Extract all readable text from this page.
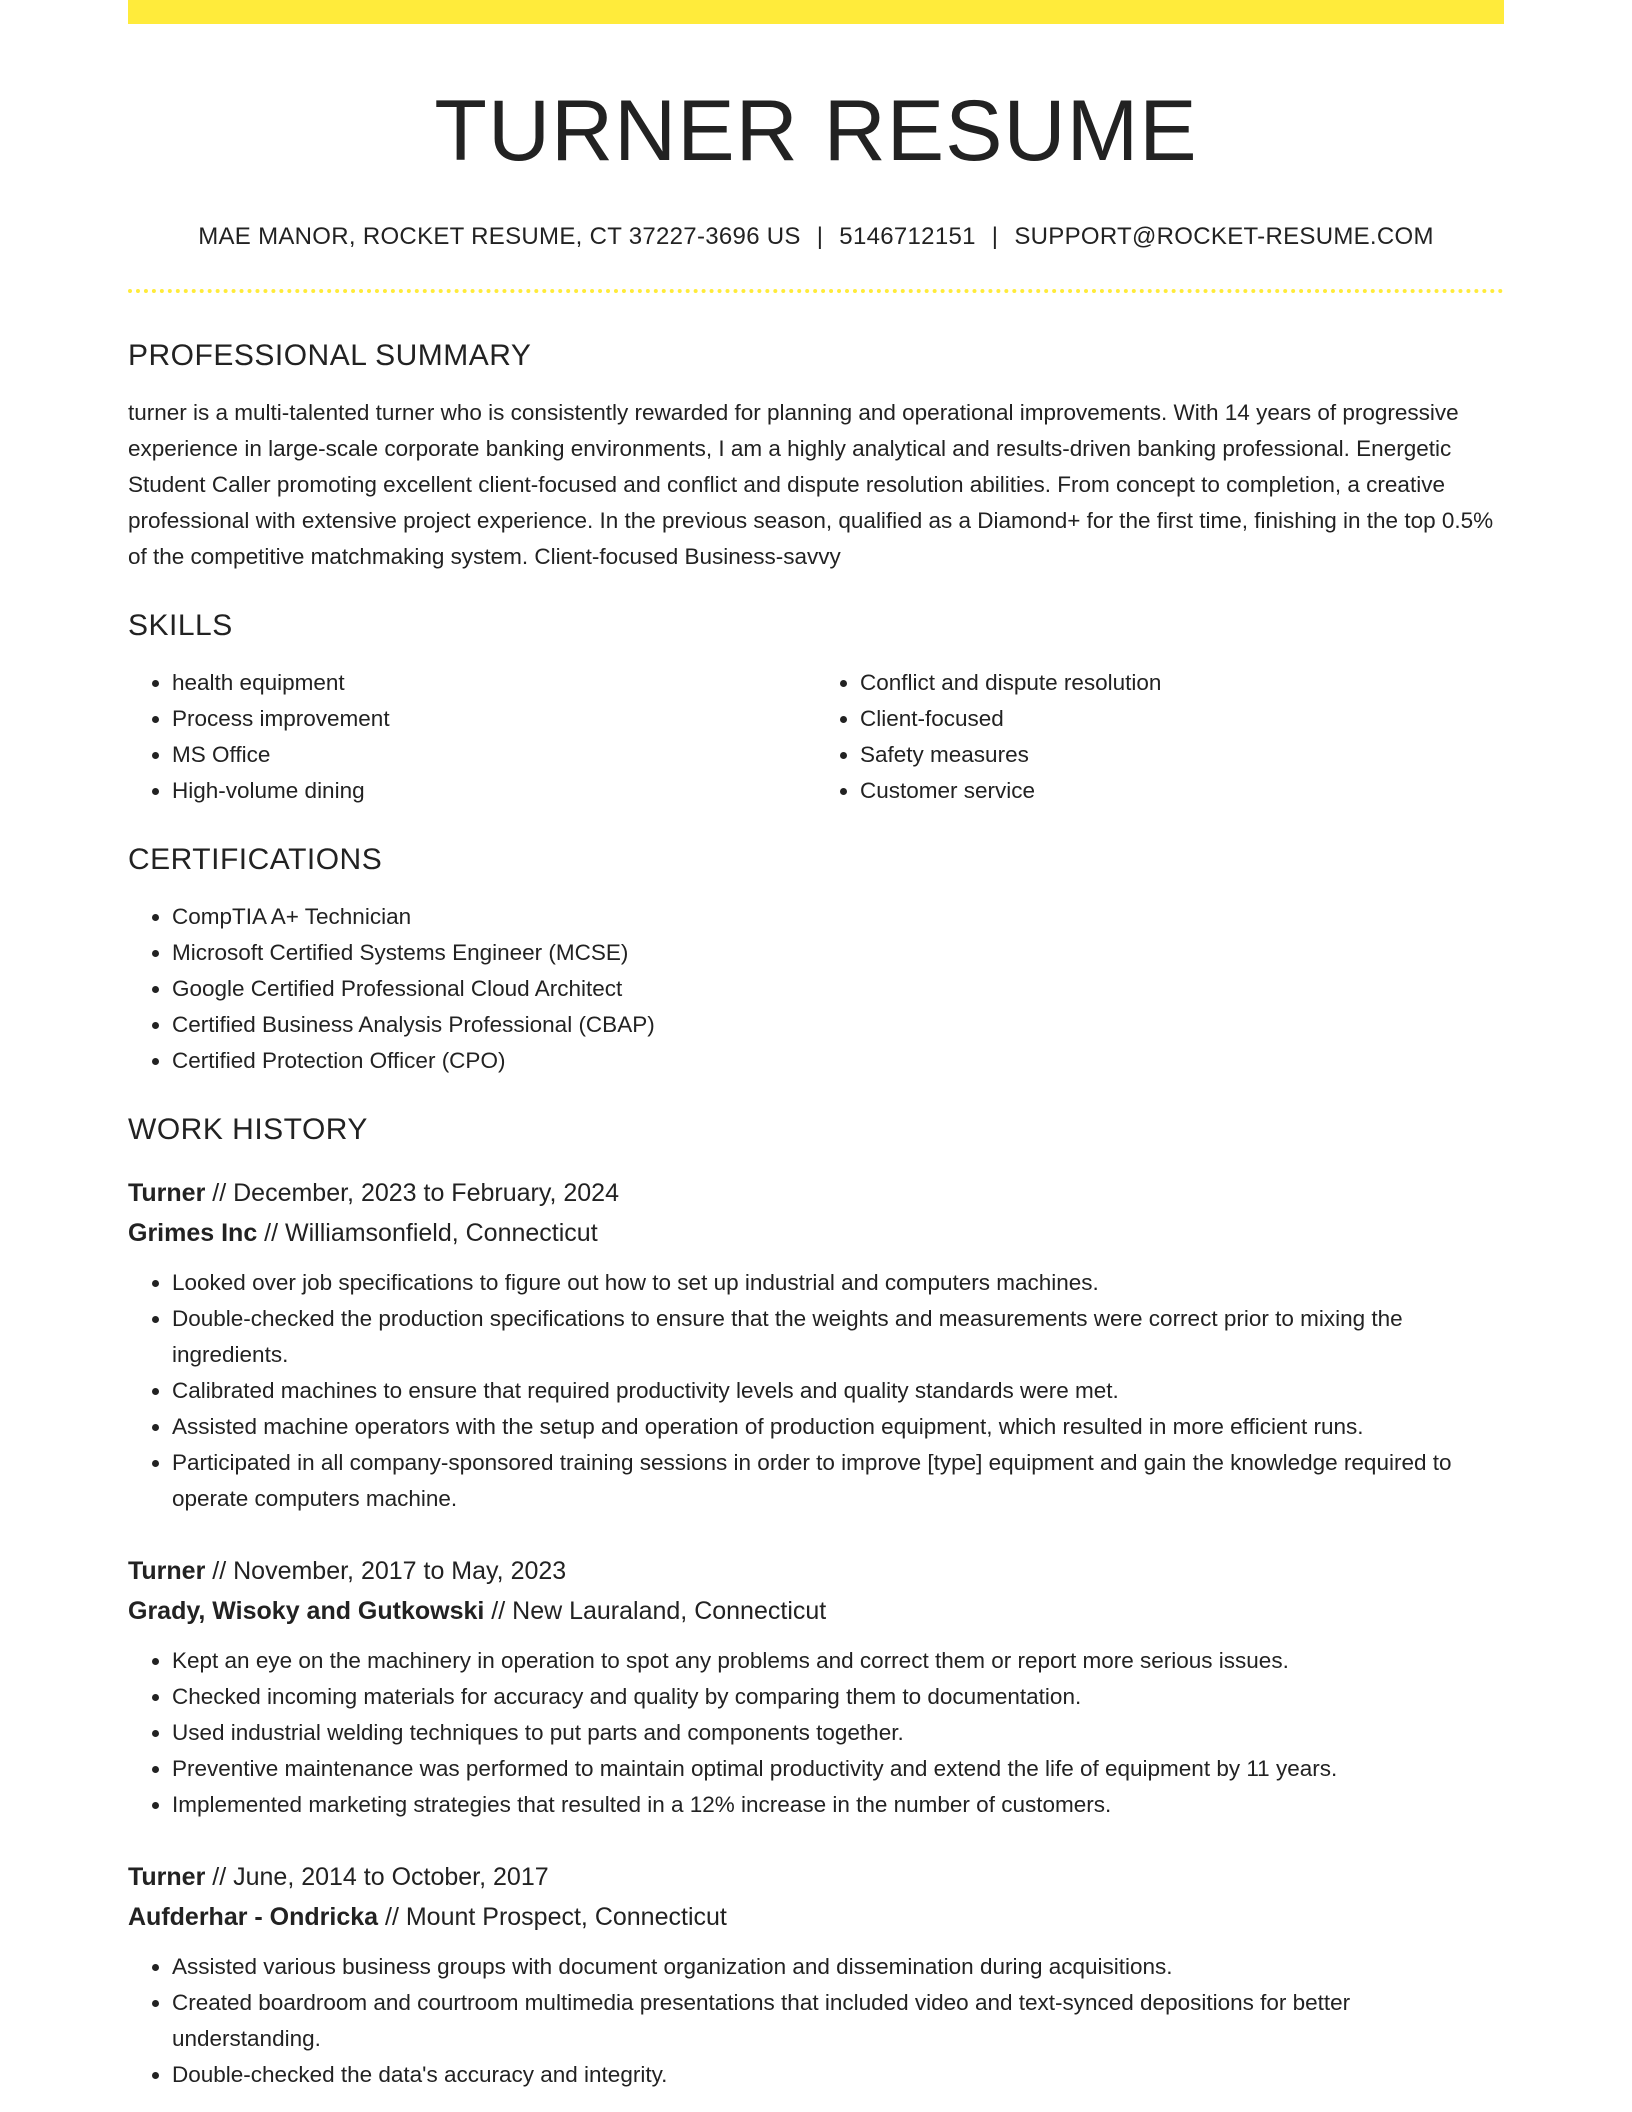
TURNER RESUME
MAE MANOR, ROCKET RESUME, CT 37227-3696 US | 5146712151 | SUPPORT@ROCKET-RESUME.COM
PROFESSIONAL SUMMARY
turner is a multi-talented turner who is consistently rewarded for planning and operational improvements. With 14 years of progressive experience in large-scale corporate banking environments, I am a highly analytical and results-driven banking professional. Energetic Student Caller promoting excellent client-focused and conflict and dispute resolution abilities. From concept to completion, a creative professional with extensive project experience. In the previous season, qualified as a Diamond+ for the first time, finishing in the top 0.5% of the competitive matchmaking system. Client-focused Business-savvy
SKILLS
• health equipment
• Process improvement
• MS Office
• High-volume dining
• Conflict and dispute resolution
• Client-focused
• Safety measures
• Customer service
CERTIFICATIONS
• CompTIA A+ Technician
• Microsoft Certified Systems Engineer (MCSE)
• Google Certified Professional Cloud Architect
• Certified Business Analysis Professional (CBAP)
• Certified Protection Officer (CPO)
WORK HISTORY
Turner // December, 2023 to February, 2024
Grimes Inc // Williamsonfield, Connecticut
• Looked over job specifications to figure out how to set up industrial and computers machines.
• Double-checked the production specifications to ensure that the weights and measurements were correct prior to mixing the ingredients.
• Calibrated machines to ensure that required productivity levels and quality standards were met.
• Assisted machine operators with the setup and operation of production equipment, which resulted in more efficient runs.
• Participated in all company-sponsored training sessions in order to improve [type] equipment and gain the knowledge required to operate computers machine.
Turner // November, 2017 to May, 2023
Grady, Wisoky and Gutkowski // New Lauraland, Connecticut
• Kept an eye on the machinery in operation to spot any problems and correct them or report more serious issues.
• Checked incoming materials for accuracy and quality by comparing them to documentation.
• Used industrial welding techniques to put parts and components together.
• Preventive maintenance was performed to maintain optimal productivity and extend the life of equipment by 11 years.
• Implemented marketing strategies that resulted in a 12% increase in the number of customers.
Turner // June, 2014 to October, 2017
Aufderhar - Ondricka // Mount Prospect, Connecticut
• Assisted various business groups with document organization and dissemination during acquisitions.
• Created boardroom and courtroom multimedia presentations that included video and text-synced depositions for better understanding.
• Double-checked the data's accuracy and integrity.
